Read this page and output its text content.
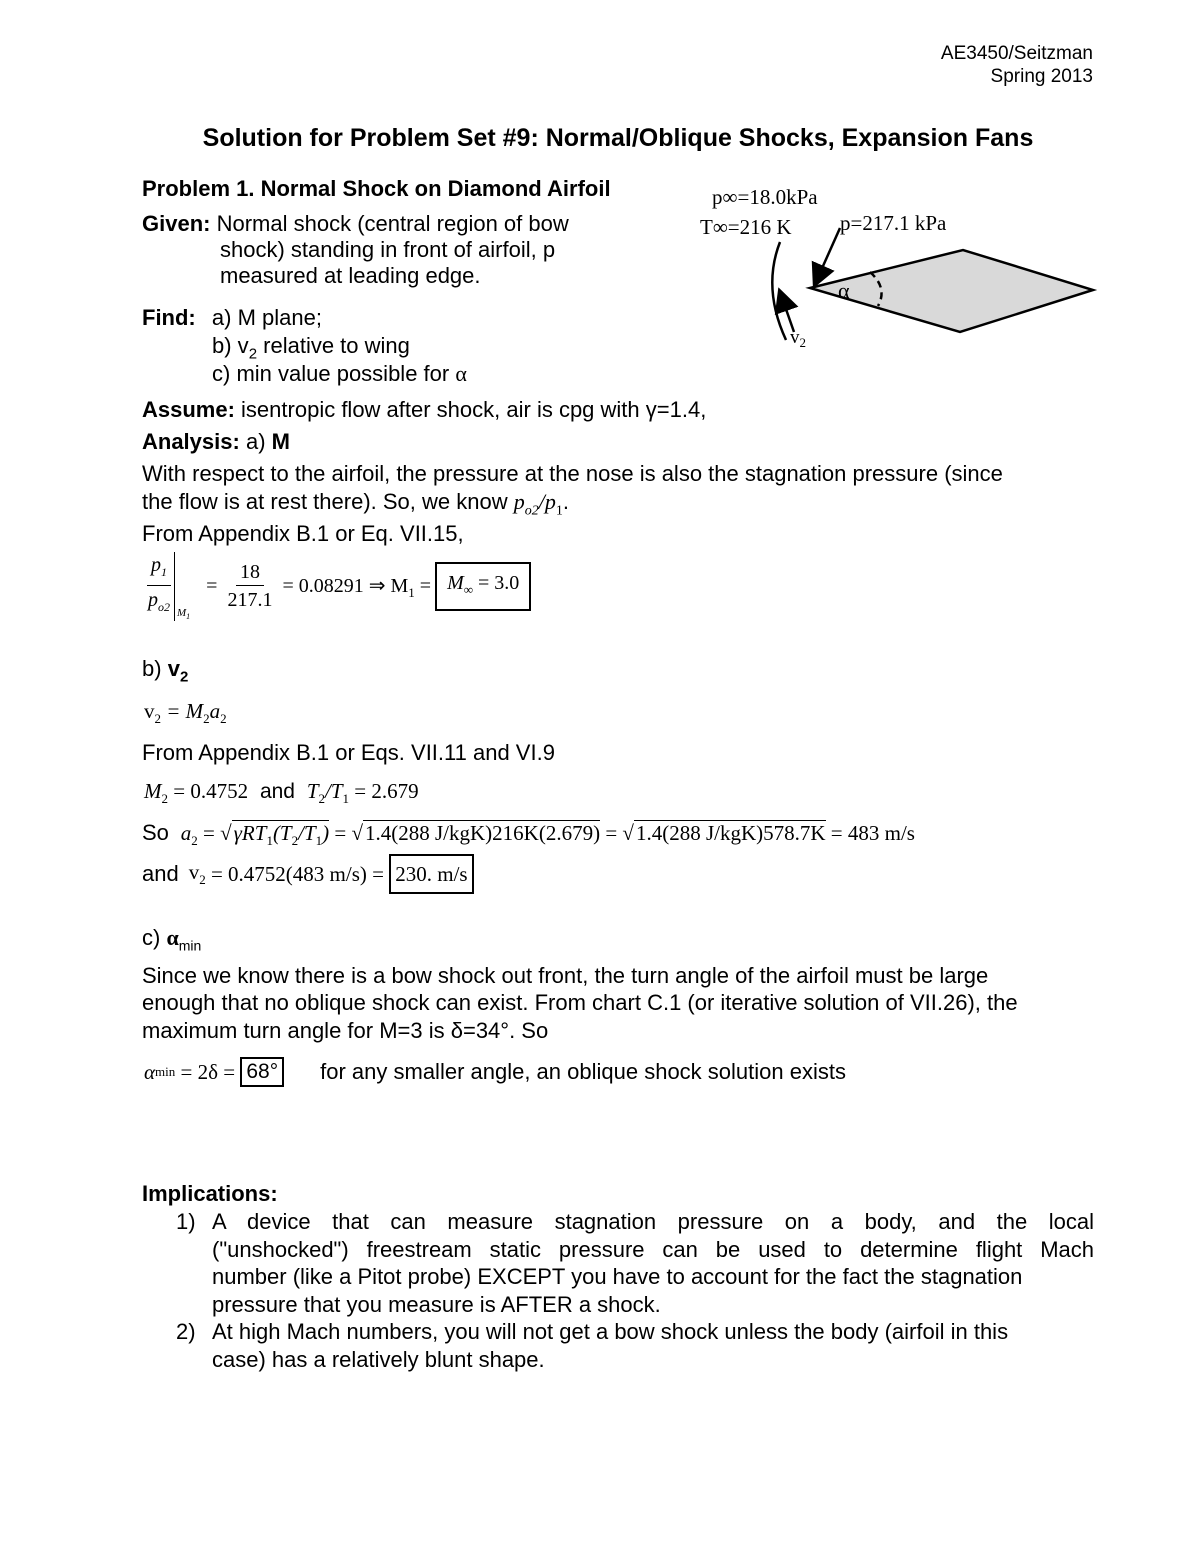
AE3450/Seitzman
Spring 2013
Solution for Problem Set #9: Normal/Oblique Shocks, Expansion Fans
Problem 1. Normal Shock on Diamond Airfoil
Given: Normal shock (central region of bow
shock) standing in front of airfoil, p
measured at leading edge.
Find: a) M plane;
b) $v_2$ relative to wing
c) min value possible for α
Assume: isentropic flow after shock, air is cpg with γ=1.4,
Analysis: a) M
With respect to the airfoil, the pressure at the nose is also the stagnation pressure (since
the flow is at rest there). So, we know $p_{o2}/p_1$.
From Appendix B.1 or Eq. VII.15,
$\frac{p_1}{p_{o2}} M_1$
= $\frac{18}{217.1} = 0.08291$ ⇒ $M_1 = M_\infty = 3.0$
b) $v_2$
$v_2 = M_2a_2$
From Appendix B.1 or Eqs. VII.11 and VI.9
$M_2 = 0.4752$ and $T_2/T_1 = 2.679$
So $a_2 = √\gamma RT_1(T_2/T_1) = √1.4(288$ J/kgK)216K(2.679) = √1.4(288 J/kgK)578.7K = 483 m/s
and $v_2 = 0.4752(483$ m/s) = 230. m/s
c) $\alpha_{min}$
Since we know there is a bow shock out front, the turn angle of the airfoil must be large
enough that no oblique shock can exist. From chart C.1 (or iterative solution of VII.26), the
maximum turn angle for M=3 is δ=34°. So
α min = 2δ = 68° for any smaller angle, an oblique shock solution exists
Implications:
1) A device that can measure stagnation pressure on a body, and the local
("unshocked") freestream static pressure can be used to determine flight Mach
number (like a Pitot probe) EXCEPT you have to account for the fact the stagnation
pressure that you measure is AFTER a shock.
2) At high Mach numbers, you will not get a bow shock unless the body (airfoil in this
case) has a relatively blunt shape.
p∞=18.0kPa
T∞=216 K p=217.1 kPa
α
$v_2$
